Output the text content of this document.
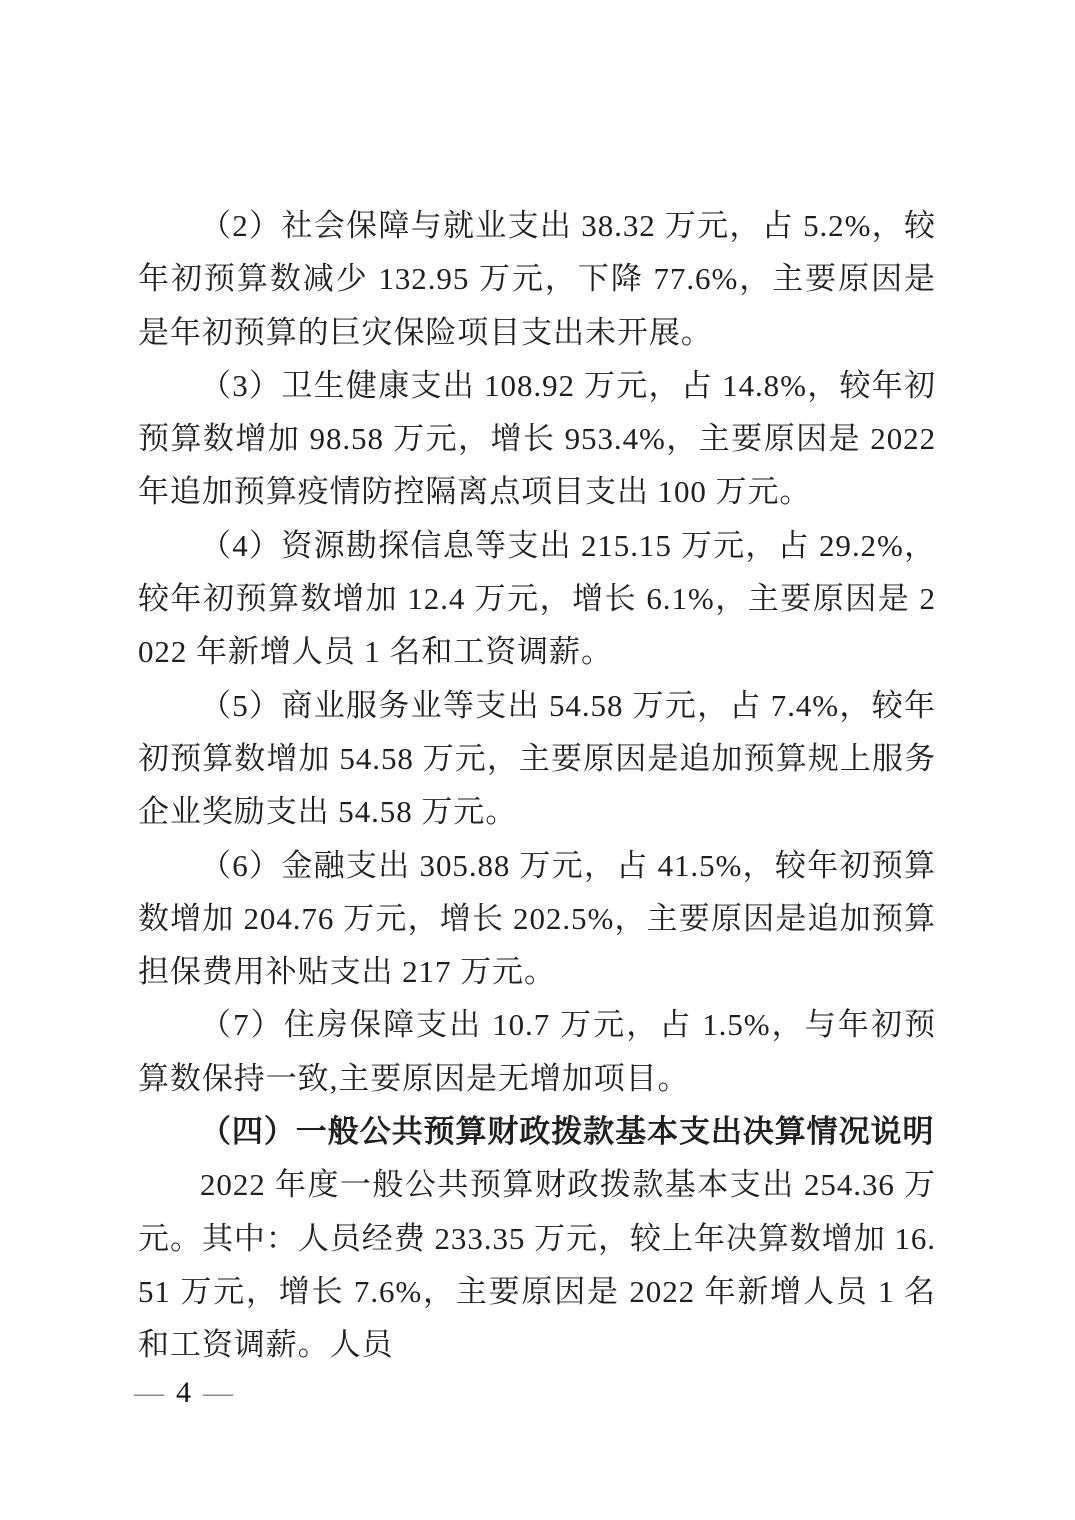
（2）社会保障与就业支出 38.32 万元，占 5.2%，较年初预算数减少 132.95 万元，下降 77.6%，主要原因是是年初预算的巨灾保险项目支出未开展。

（3）卫生健康支出 108.92 万元，占 14.8%，较年初预算数增加 98.58 万元，增长 953.4%，主要原因是 2022 年追加预算疫情防控隔离点项目支出 100 万元。

（4）资源勘探信息等支出 215.15 万元，占 29.2%，较年初预算数增加 12.4 万元，增长 6.1%，主要原因是 2022 年新增人员 1 名和工资调薪。

（5）商业服务业等支出 54.58 万元，占 7.4%，较年初预算数增加 54.58 万元，主要原因是追加预算规上服务企业奖励支出 54.58 万元。

（6）金融支出 305.88 万元，占 41.5%，较年初预算数增加 204.76 万元，增长 202.5%，主要原因是追加预算担保费用补贴支出 217 万元。

（7）住房保障支出 10.7 万元，占 1.5%，与年初预算数保持一致,主要原因是无增加项目。

（四）一般公共预算财政拨款基本支出决算情况说明

2022 年度一般公共预算财政拨款基本支出 254.36 万元。其中：人员经费 233.35 万元，较上年决算数增加 16.51 万元，增长 7.6%，主要原因是 2022 年新增人员 1 名和工资调薪。人员

— 4 —
